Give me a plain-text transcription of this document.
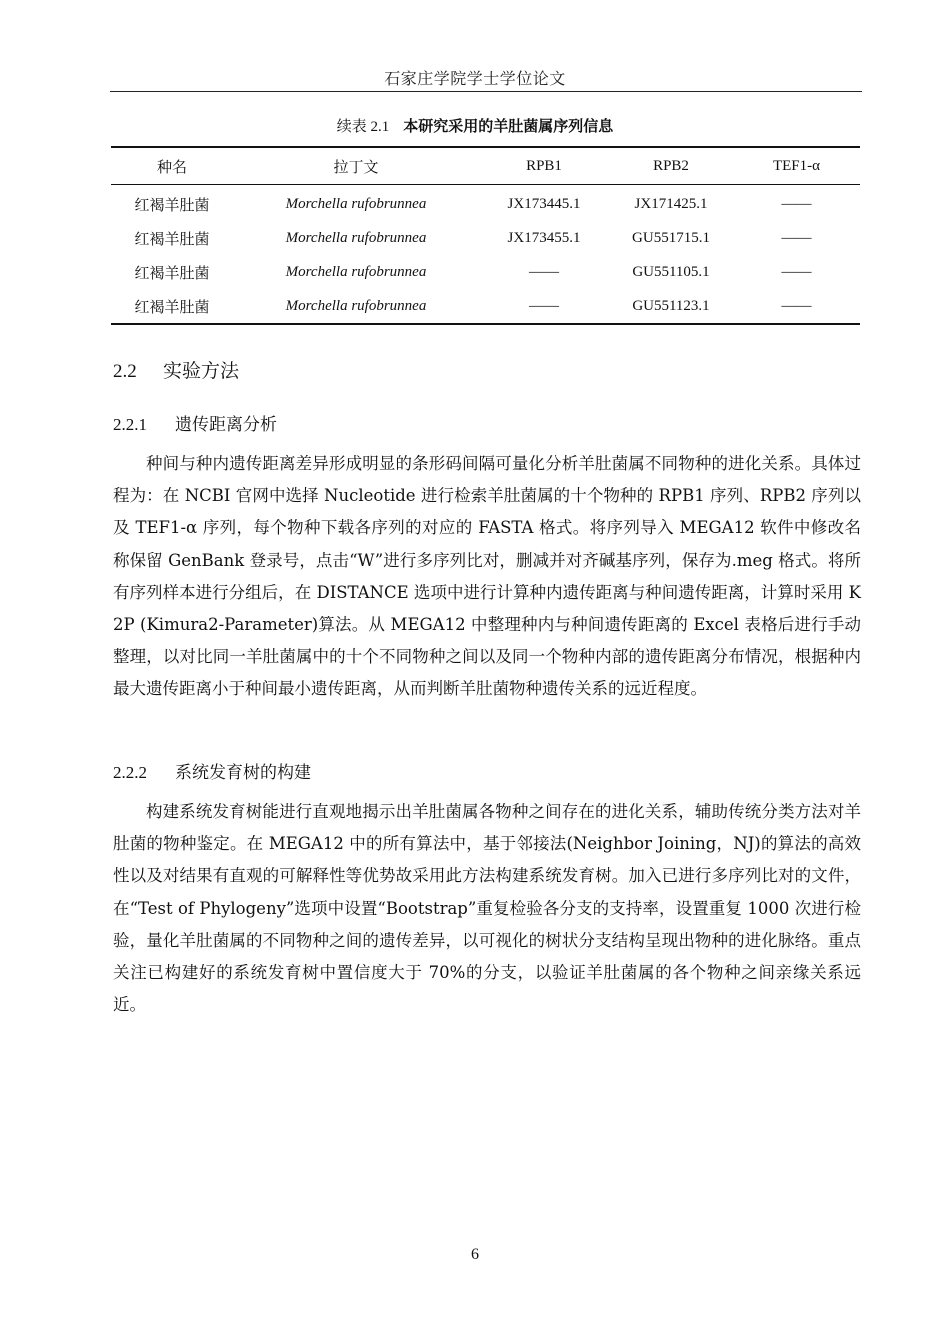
石家庄学院学士学位论文
续表 2.1 本研究采用的羊肚菌属序列信息
种名	拉丁文	RPB1	RPB2	TEF1-α
红褐羊肚菌	Morchella rufobrunnea	JX173445.1	JX171425.1	——
红褐羊肚菌	Morchella rufobrunnea	JX173455.1	GU551715.1	——
红褐羊肚菌	Morchella rufobrunnea	——	GU551105.1	——
红褐羊肚菌	Morchella rufobrunnea	——	GU551123.1	——
2.2 实验方法
2.2.1 遗传距离分析

种间与种内遗传距离差异形成明显的条形码间隔可量化分析羊肚菌属不同物种的进化关系。具体过程为：在 NCBI 官网中选择 Nucleotide 进行检索羊肚菌属的十个物种的 RPB1 序列、RPB2 序列以及 TEF1-α 序列，每个物种下载各序列的对应的 FASTA 格式。将序列导入 MEGA12 软件中修改名称保留 GenBank 登录号，点击“W”进行多序列比对，删减并对齐碱基序列，保存为.meg 格式。将所有序列样本进行分组后，在 DISTANCE 选项中进行计算种内遗传距离与种间遗传距离，计算时采用 K2P (Kimura2-Parameter)算法。从 MEGA12 中整理种内与种间遗传距离的 Excel 表格后进行手动整理，以对比同一羊肚菌属中的十个不同物种之间以及同一个物种内部的遗传距离分布情况，根据种内最大遗传距离小于种间最小遗传距离，从而判断羊肚菌物种遗传关系的远近程度。

2.2.2 系统发育树的构建

构建系统发育树能进行直观地揭示出羊肚菌属各物种之间存在的进化关系，辅助传统分类方法对羊肚菌的物种鉴定。在 MEGA12 中的所有算法中，基于邻接法(Neighbor Joining，NJ)的算法的高效性以及对结果有直观的可解释性等优势故采用此方法构建系统发育树。加入已进行多序列比对的文件，在“Test of Phylogeny”选项中设置“Bootstrap”重复检验各分支的支持率，设置重复 1000 次进行检验，量化羊肚菌属的不同物种之间的遗传差异，以可视化的树状分支结构呈现出物种的进化脉络。重点关注已构建好的系统发育树中置信度大于 70%的分支，以验证羊肚菌属的各个物种之间亲缘关系远近。

6
